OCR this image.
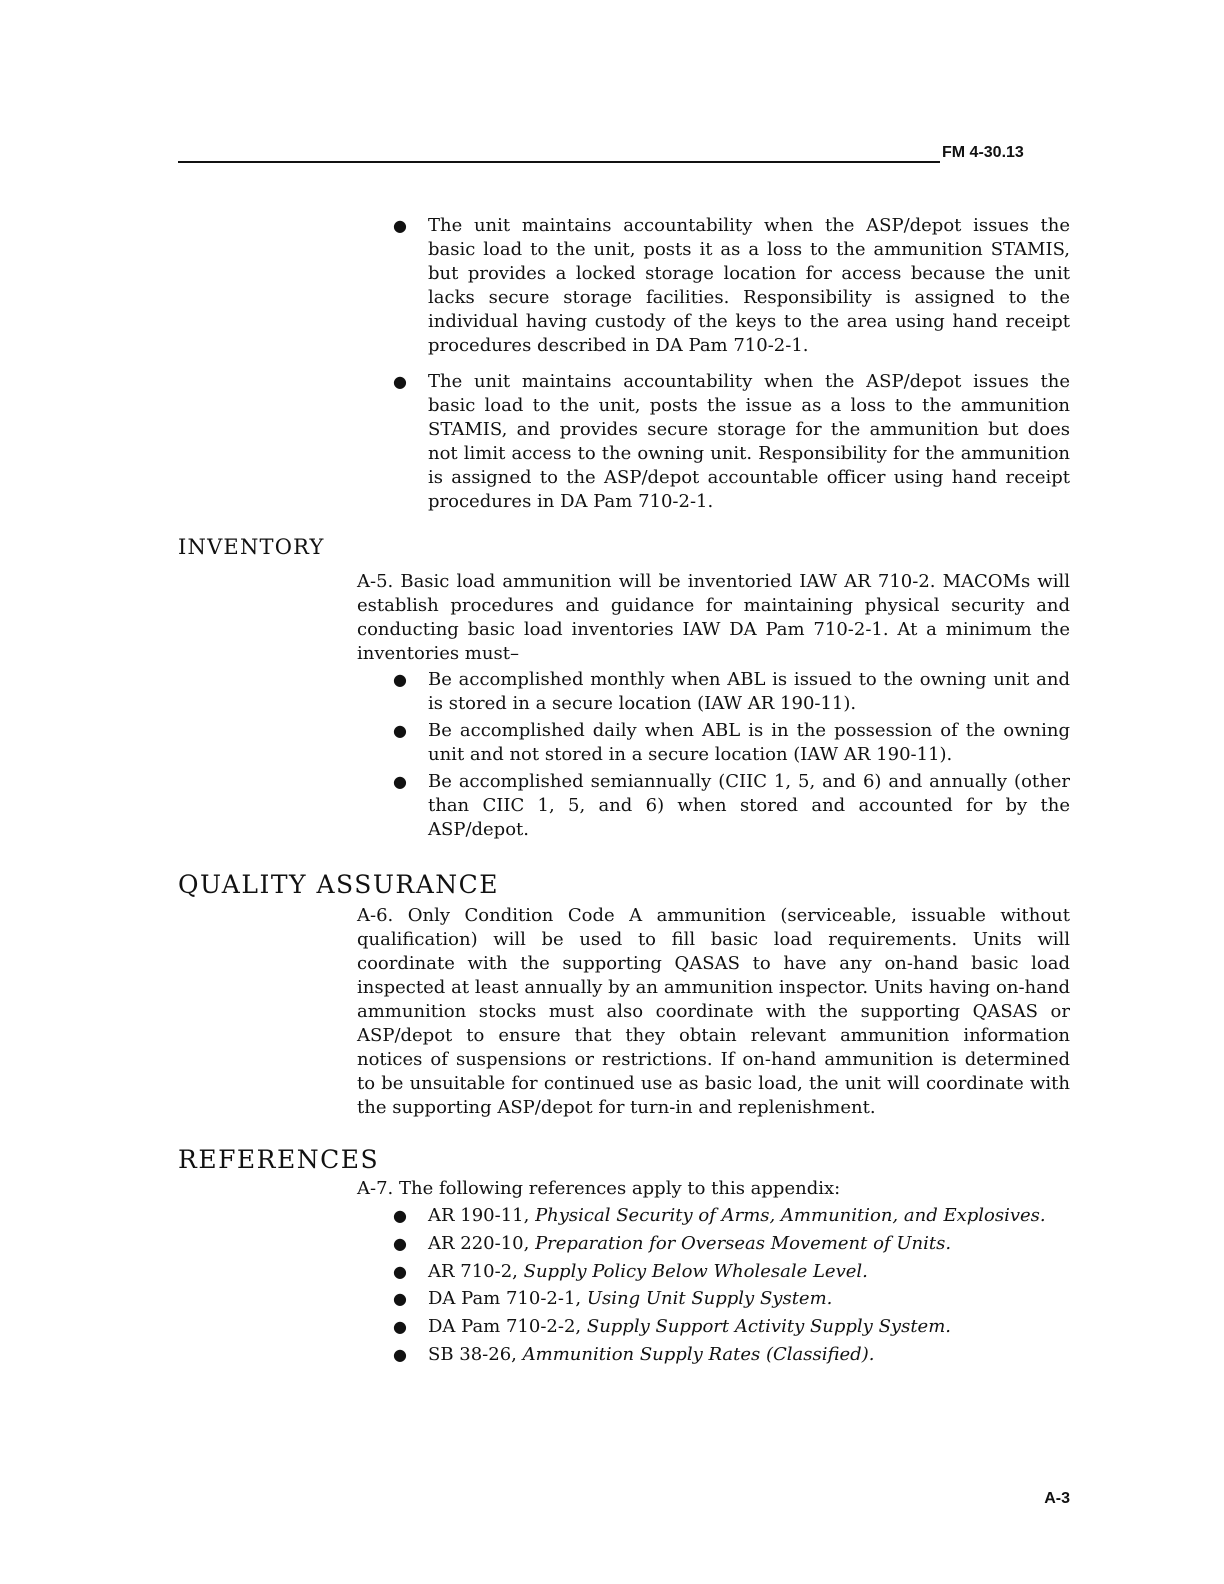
FM 4-30.13
● The unit maintains accountability when the ASP/depot issues the basic load to the unit, posts it as a loss to the ammunition STAMIS, but provides a locked storage location for access because the unit lacks secure storage facilities. Responsibility is assigned to the individual having custody of the keys to the area using hand receipt procedures described in DA Pam 710-2-1.
● The unit maintains accountability when the ASP/depot issues the basic load to the unit, posts the issue as a loss to the ammunition STAMIS, and provides secure storage for the ammunition but does not limit access to the owning unit. Responsibility for the ammunition is assigned to the ASP/depot accountable officer using hand receipt procedures in DA Pam 710-2-1.
INVENTORY

A-5. Basic load ammunition will be inventoried IAW AR 710-2. MACOMs will establish procedures and guidance for maintaining physical security and conducting basic load inventories IAW DA Pam 710-2-1. At a minimum the inventories must–

● Be accomplished monthly when ABL is issued to the owning unit and is stored in a secure location (IAW AR 190-11).
● Be accomplished daily when ABL is in the possession of the owning unit and not stored in a secure location (IAW AR 190-11).
● Be accomplished semiannually (CIIC 1, 5, and 6) and annually (other than CIIC 1, 5, and 6) when stored and accounted for by the ASP/depot.
QUALITY ASSURANCE

A-6. Only Condition Code A ammunition (serviceable, issuable without qualification) will be used to fill basic load requirements. Units will coordinate with the supporting QASAS to have any on-hand basic load inspected at least annually by an ammunition inspector. Units having on-hand ammunition stocks must also coordinate with the supporting QASAS or ASP/depot to ensure that they obtain relevant ammunition information notices of suspensions or restrictions. If on-hand ammunition is determined to be unsuitable for continued use as basic load, the unit will coordinate with the supporting ASP/depot for turn-in and replenishment.

REFERENCES

A-7. The following references apply to this appendix:

● AR 190-11, Physical Security of Arms, Ammunition, and Explosives.
● AR 220-10, Preparation for Overseas Movement of Units.
● AR 710-2, Supply Policy Below Wholesale Level.
● DA Pam 710-2-1, Using Unit Supply System.
● DA Pam 710-2-2, Supply Support Activity Supply System.
● SB 38-26, Ammunition Supply Rates (Classified).
A-3
